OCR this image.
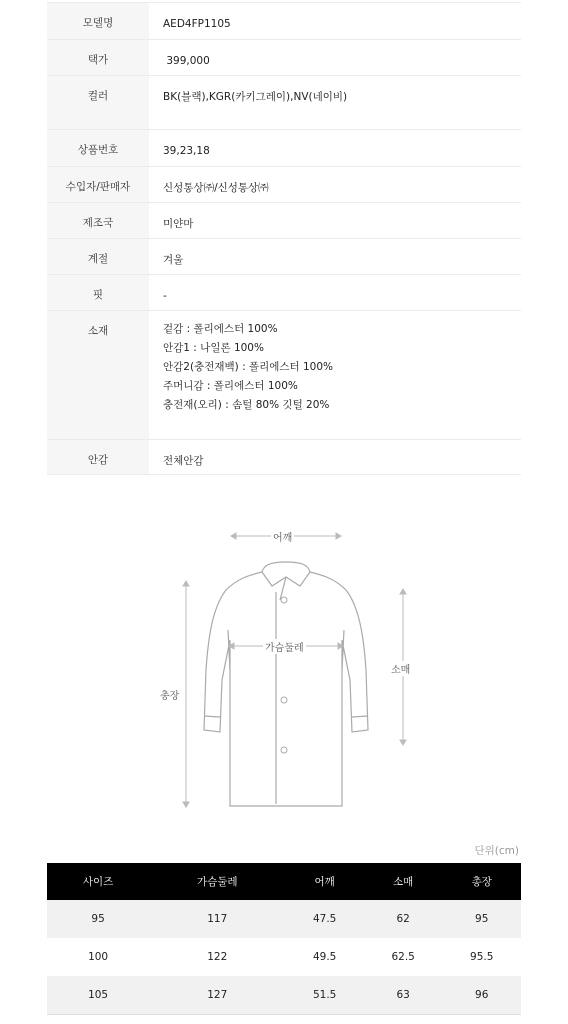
모델명	AED4FP1105
택가	399,000
컬러	BK(블랙),KGR(카키그레이),NV(네이비)
상품번호	39,23,18
수입자/판매자	신성통상㈜/신성통상㈜
제조국	미얀마
계절	겨울
핏	-
소재	겉감 : 폴리에스터 100%
안감1 : 나일론 100%
안감2(충전재백) : 폴리에스터 100%
주머니감 : 폴리에스터 100%
충전재(오리) : 솜털 80% 깃털 20%
안감	전체안감
어깨
가슴둘레
소매
총장
단위(cm)
사이즈	가슴둘레	어깨	소매	총장
95	117	47.5	62	95
100	122	49.5	62.5	95.5
105	127	51.5	63	96
